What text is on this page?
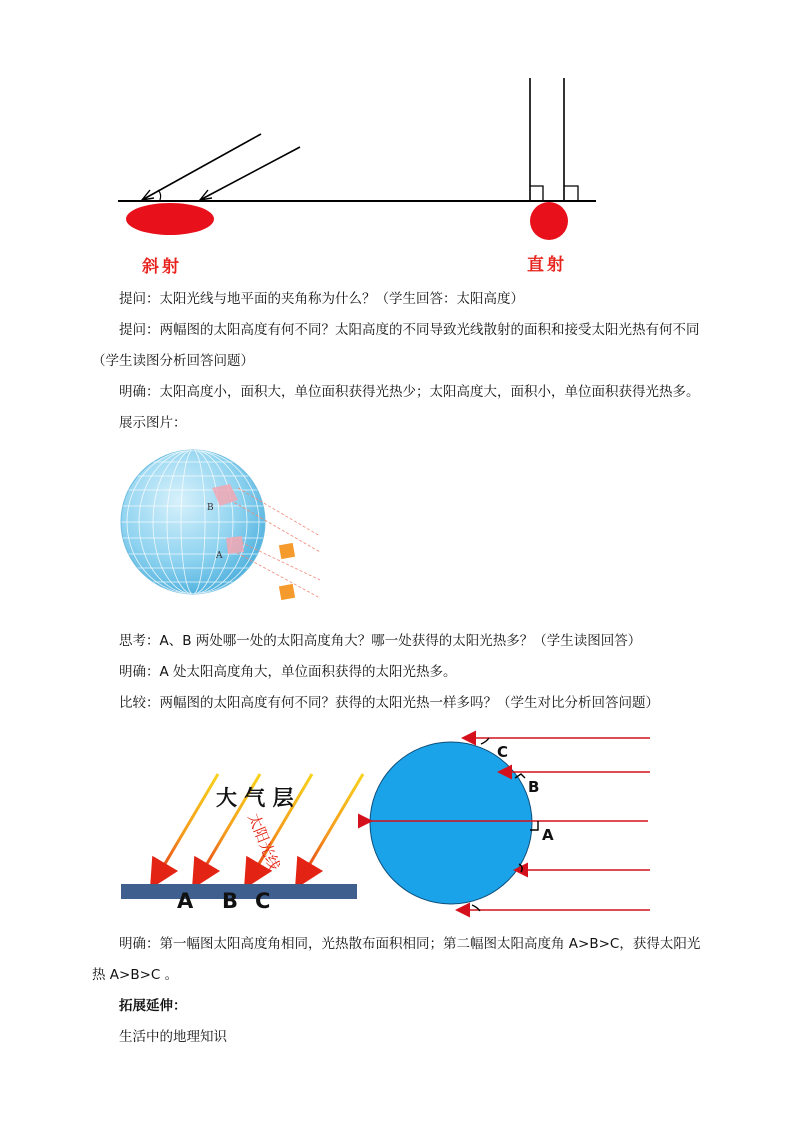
斜射	直射

提问：太阳光线与地平面的夹角称为什么？（学生回答：太阳高度）

提问：两幅图的太阳高度有何不同？太阳高度的不同导致光线散射的面积和接受太阳光热有何不同（学生读图分析回答问题）

明确：太阳高度小，面积大，单位面积获得光热少；太阳高度大，面积小，单位面积获得光热多。

展示图片：

B
A

思考：A、B 两处哪一处的太阳高度角大？哪一处获得的太阳光热多？（学生读图回答）

明确：A 处太阳高度角大，单位面积获得的太阳光热多。

比较：两幅图的太阳高度有何不同？获得的太阳光热一样多吗？（学生对比分析回答问题）

大 气 层
太阳光线
A B C
C
B
A

明确：第一幅图太阳高度角相同，光热散布面积相同；第二幅图太阳高度角 A>B>C，获得太阳光热 A>B>C 。

拓展延伸：

生活中的地理知识
